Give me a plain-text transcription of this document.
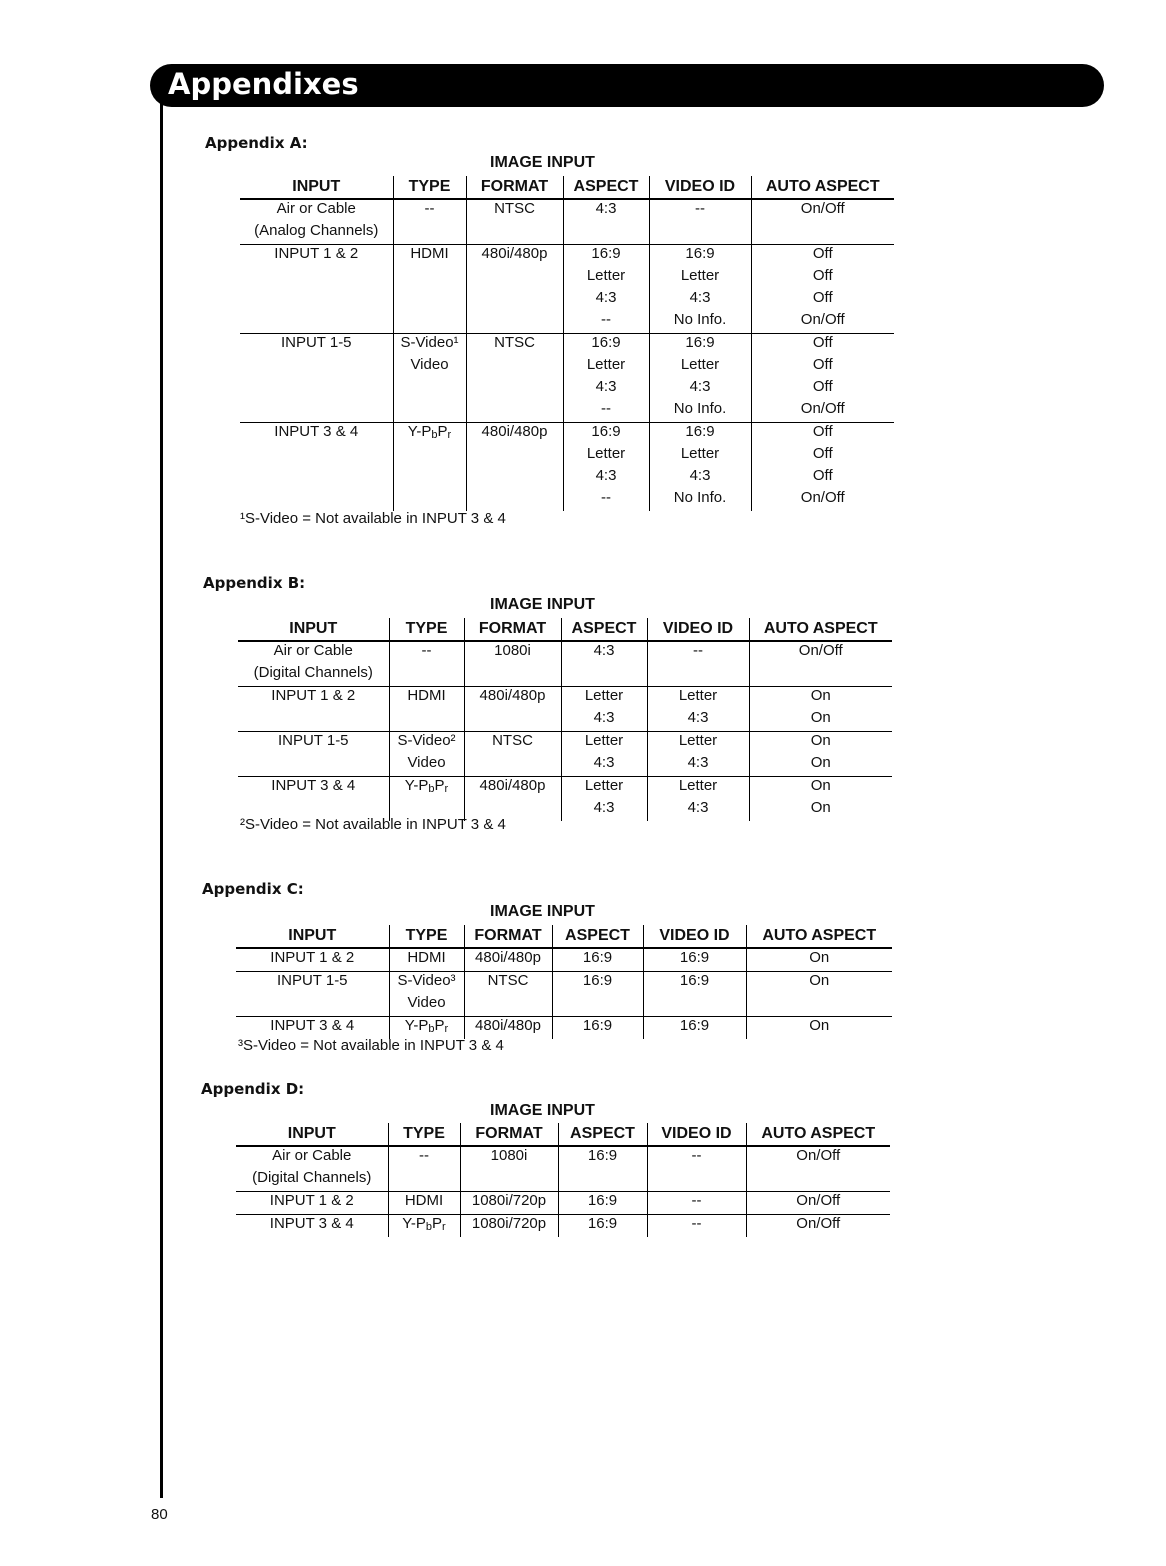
Appendixes
Appendix A:
IMAGE INPUT
INPUT	TYPE	FORMAT	ASPECT	VIDEO ID	AUTO ASPECT
Air or Cable	--	NTSC	4:3	--	On/Off
(Analog Channels)					
INPUT 1 & 2	HDMI	480i/480p	16:9	16:9	Off
			Letter	Letter	Off
			4:3	4:3	Off
			--	No Info.	On/Off
INPUT 1-5	S-Video¹	NTSC	16:9	16:9	Off
	Video		Letter	Letter	Off
			4:3	4:3	Off
			--	No Info.	On/Off
INPUT 3 & 4	$Y-P_bP_r$	480i/480p	16:9	16:9	Off
			Letter	Letter	Off
			4:3	4:3	Off
			--	No Info.	On/Off
¹S-Video = Not available in INPUT 3 & 4
Appendix B:
IMAGE INPUT
INPUT	TYPE	FORMAT	ASPECT	VIDEO ID	AUTO ASPECT
Air or Cable	--	1080i	4:3	--	On/Off
(Digital Channels)					
INPUT 1 & 2	HDMI	480i/480p	Letter	Letter	On
			4:3	4:3	On
INPUT 1-5	S-Video²	NTSC	Letter	Letter	On
	Video		4:3	4:3	On
INPUT 3 & 4	$Y-P_bP_r$	480i/480p	Letter	Letter	On
			4:3	4:3	On
²S-Video = Not available in INPUT 3 & 4
Appendix C:
IMAGE INPUT
INPUT	TYPE	FORMAT	ASPECT	VIDEO ID	AUTO ASPECT
INPUT 1 & 2	HDMI	480i/480p	16:9	16:9	On
INPUT 1-5	S-Video³	NTSC	16:9	16:9	On
	Video				
INPUT 3 & 4	$Y-P_bP_r$	480i/480p	16:9	16:9	On
³S-Video = Not available in INPUT 3 & 4
Appendix D:
IMAGE INPUT
INPUT	TYPE	FORMAT	ASPECT	VIDEO ID	AUTO ASPECT
Air or Cable	--	1080i	16:9	--	On/Off
(Digital Channels)					
INPUT 1 & 2	HDMI	1080i/720p	16:9	--	On/Off
INPUT 3 & 4	$Y-P_bP_r$	1080i/720p	16:9	--	On/Off
80
